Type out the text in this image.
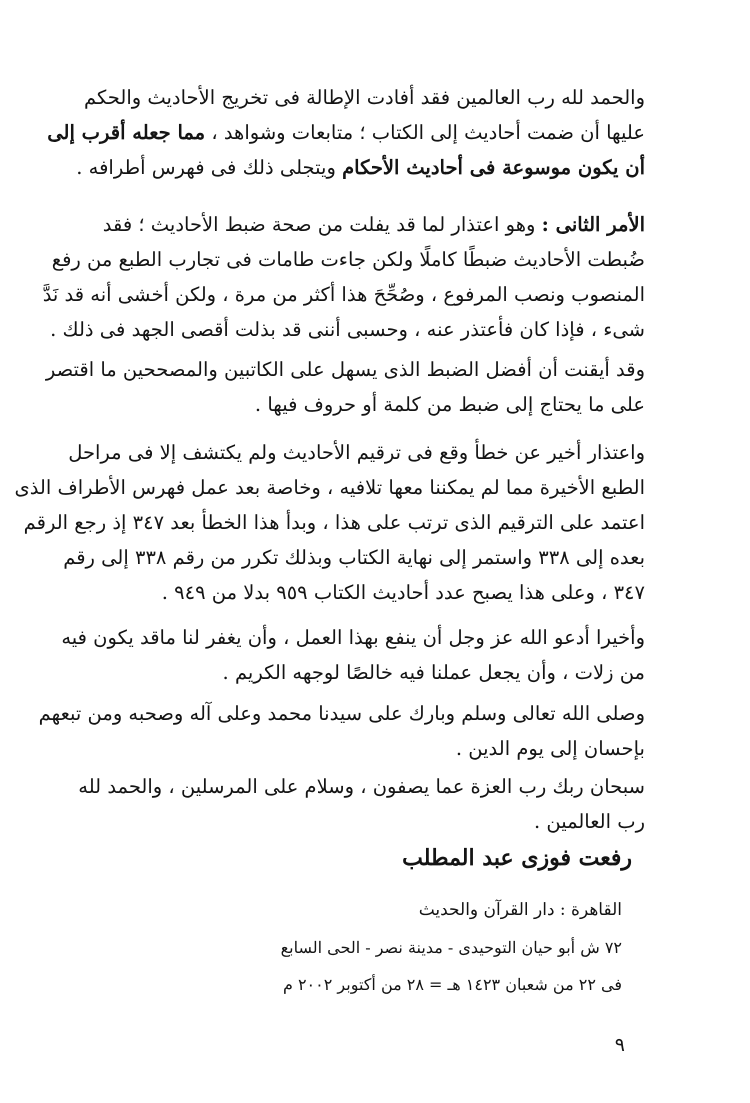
والحمد لله رب العالمين فقد أفادت الإطالة فى تخريج الأحاديث والحكم
عليها أن ضمت أحاديث إلى الكتاب ؛ متابعات وشواهد ، مما جعله أقرب إلى
أن يكون موسوعة فى أحاديث الأحكام ويتجلى ذلك فى فهرس أطرافه .

الأمر الثانى : وهو اعتذار لما قد يفلت من صحة ضبط الأحاديث ؛ فقد
ضُبطت الأحاديث ضبطًا كاملًا ولكن جاءت طامات فى تجارب الطبع من رفع
المنصوب ونصب المرفوع ، وصُحِّحَ هذا أكثر من مرة ، ولكن أخشى أنه قد نَدَّ
شىء ، فإذا كان فأعتذر عنه ، وحسبى أننى قد بذلت أقصى الجهد فى ذلك .

وقد أيقنت أن أفضل الضبط الذى يسهل على الكاتبين والمصححين ما اقتصر
على ما يحتاج إلى ضبط من كلمة أو حروف فيها .

واعتذار أخير عن خطأ وقع فى ترقيم الأحاديث ولم يكتشف إلا فى مراحل
الطبع الأخيرة مما لم يمكننا معها تلافيه ، وخاصة بعد عمل فهرس الأطراف الذى
اعتمد على الترقيم الذى ترتب على هذا ، وبدأ هذا الخطأ بعد ٣٤٧ إذ رجع الرقم
بعده إلى ٣٣٨ واستمر إلى نهاية الكتاب وبذلك تكرر من رقم ٣٣٨ إلى رقم
٣٤٧ ، وعلى هذا يصبح عدد أحاديث الكتاب ٩٥٩ بدلا من ٩٤٩ .

وأخيرا أدعو الله عز وجل أن ينفع بهذا العمل ، وأن يغفر لنا ماقد يكون فيه
من زلات ، وأن يجعل عملنا فيه خالصًا لوجهه الكريم .

وصلى الله تعالى وسلم وبارك على سيدنا محمد وعلى آله وصحبه ومن تبعهم
بإحسان إلى يوم الدين .

سبحان ربك رب العزة عما يصفون ، وسلام على المرسلين ، والحمد لله
رب العالمين .

رفعت فوزى عبد المطلب

القاهرة : دار القرآن والحديث

٧٢ ش أبو حيان التوحيدى - مدينة نصر - الحى السابع

فى ٢٢ من شعبان ١٤٢٣ هـ = ٢٨ من أكتوبر ٢٠٠٢ م

٩
